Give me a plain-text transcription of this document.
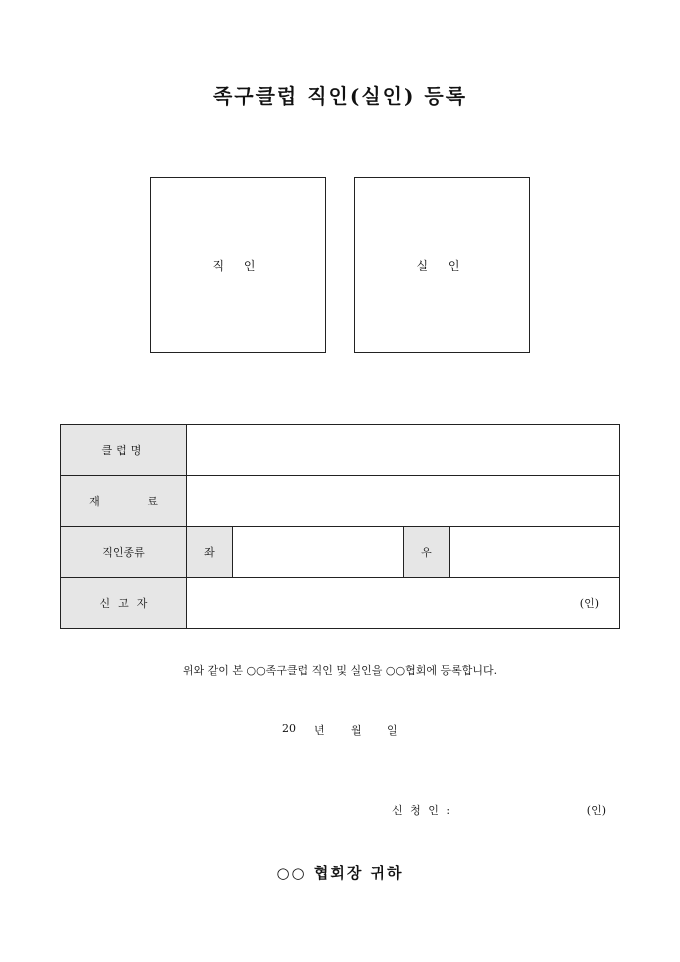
족구클럽 직인(실인) 등록
직 인	실 인
클럽명				
재 료				
직인종류	좌		우	
신고자	(인)			
위와 같이 본 ○○족구클럽 직인 및 실인을 ○○협회에 등록합니다.
20	년	월	일
신 청 인 :	(인)
○○ 협회장 귀하
